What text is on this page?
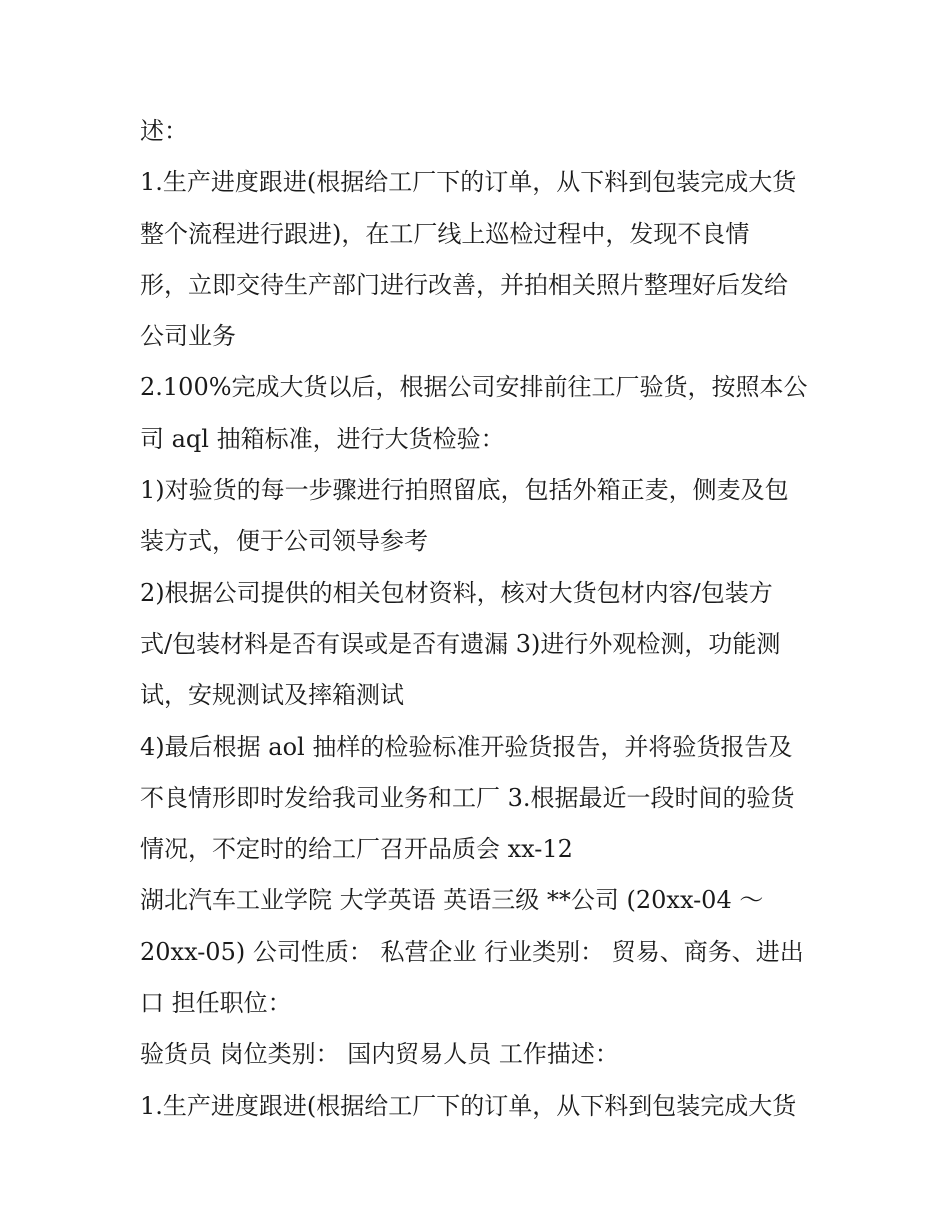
述：
1.生产进度跟进(根据给工厂下的订单，从下料到包装完成大货
整个流程进行跟进)，在工厂线上巡检过程中，发现不良情
形，立即交待生产部门进行改善，并拍相关照片整理好后发给
公司业务
2.100%完成大货以后，根据公司安排前往工厂验货，按照本公
司 aql 抽箱标准，进行大货检验：
1)对验货的每一步骤进行拍照留底，包括外箱正麦，侧麦及包
装方式，便于公司领导参考
2)根据公司提供的相关包材资料，核对大货包材内容/包装方
式/包装材料是否有误或是否有遗漏 3)进行外观检测，功能测
试，安规测试及摔箱测试
4)最后根据 aol 抽样的检验标准开验货报告，并将验货报告及
不良情形即时发给我司业务和工厂 3.根据最近一段时间的验货
情况，不定时的给工厂召开品质会 xx-12
湖北汽车工业学院 大学英语 英语三级 **公司 (20xx-04 ～
20xx-05) 公司性质： 私营企业 行业类别： 贸易、商务、进出
口 担任职位：
验货员 岗位类别： 国内贸易人员 工作描述：
1.生产进度跟进(根据给工厂下的订单，从下料到包装完成大货
